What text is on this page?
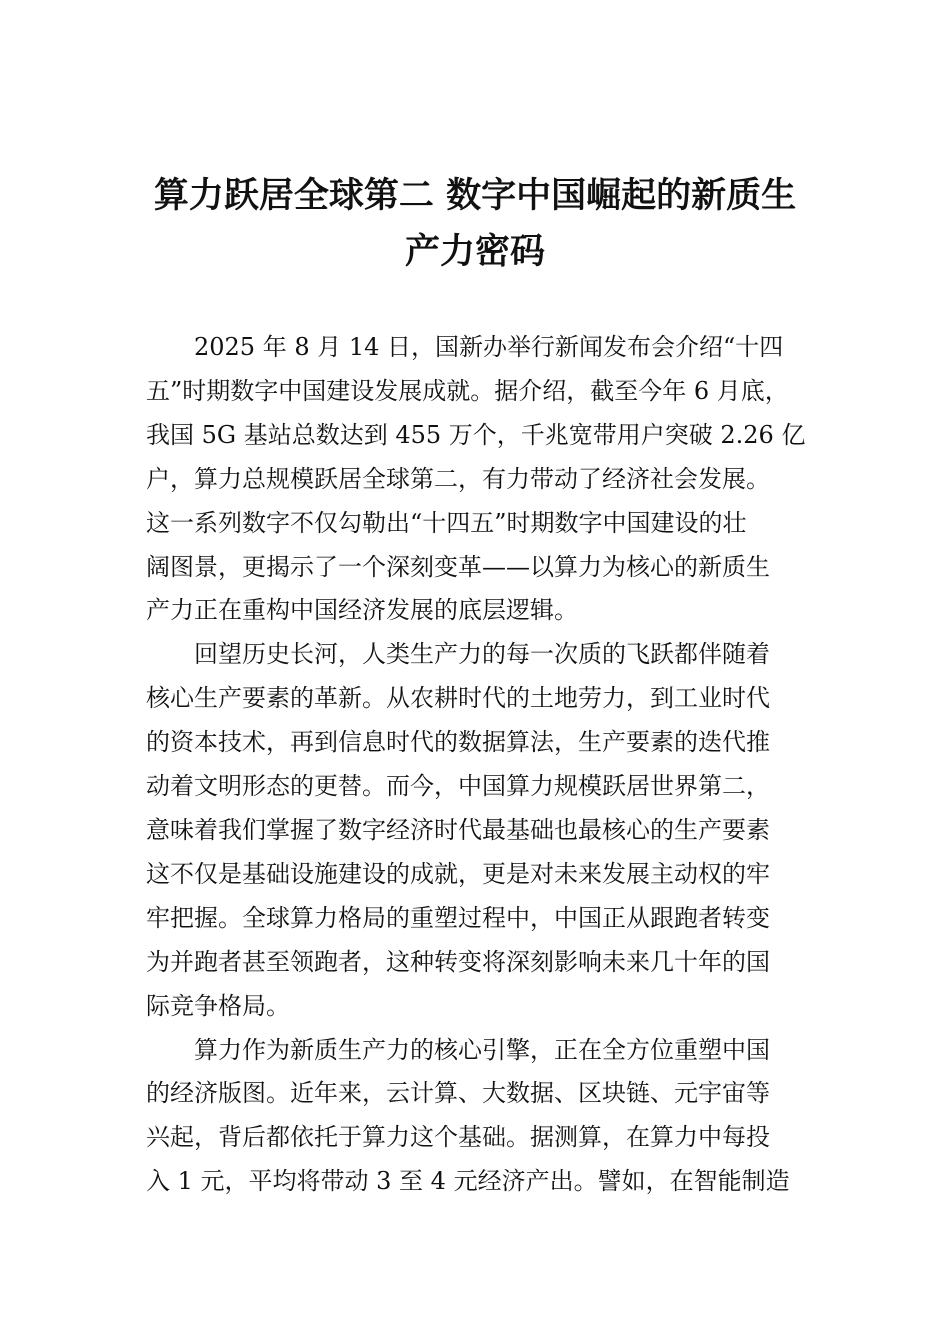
算力跃居全球第二 数字中国崛起的新质生
产力密码

2025 年 8 月 14 日，国新办举行新闻发布会介绍“十四
五”时期数字中国建设发展成就。据介绍，截至今年 6 月底，
我国 5G 基站总数达到 455 万个，千兆宽带用户突破 2.26 亿
户，算力总规模跃居全球第二，有力带动了经济社会发展。
这一系列数字不仅勾勒出“十四五”时期数字中国建设的壮
阔图景，更揭示了一个深刻变革——以算力为核心的新质生
产力正在重构中国经济发展的底层逻辑。

回望历史长河，人类生产力的每一次质的飞跃都伴随着
核心生产要素的革新。从农耕时代的土地劳力，到工业时代
的资本技术，再到信息时代的数据算法，生产要素的迭代推
动着文明形态的更替。而今，中国算力规模跃居世界第二，
意味着我们掌握了数字经济时代最基础也最核心的生产要素
这不仅是基础设施建设的成就，更是对未来发展主动权的牢
牢把握。全球算力格局的重塑过程中，中国正从跟跑者转变
为并跑者甚至领跑者，这种转变将深刻影响未来几十年的国
际竞争格局。

算力作为新质生产力的核心引擎，正在全方位重塑中国
的经济版图。近年来，云计算、大数据、区块链、元宇宙等
兴起，背后都依托于算力这个基础。据测算，在算力中每投
入 1 元，平均将带动 3 至 4 元经济产出。譬如，在智能制造
